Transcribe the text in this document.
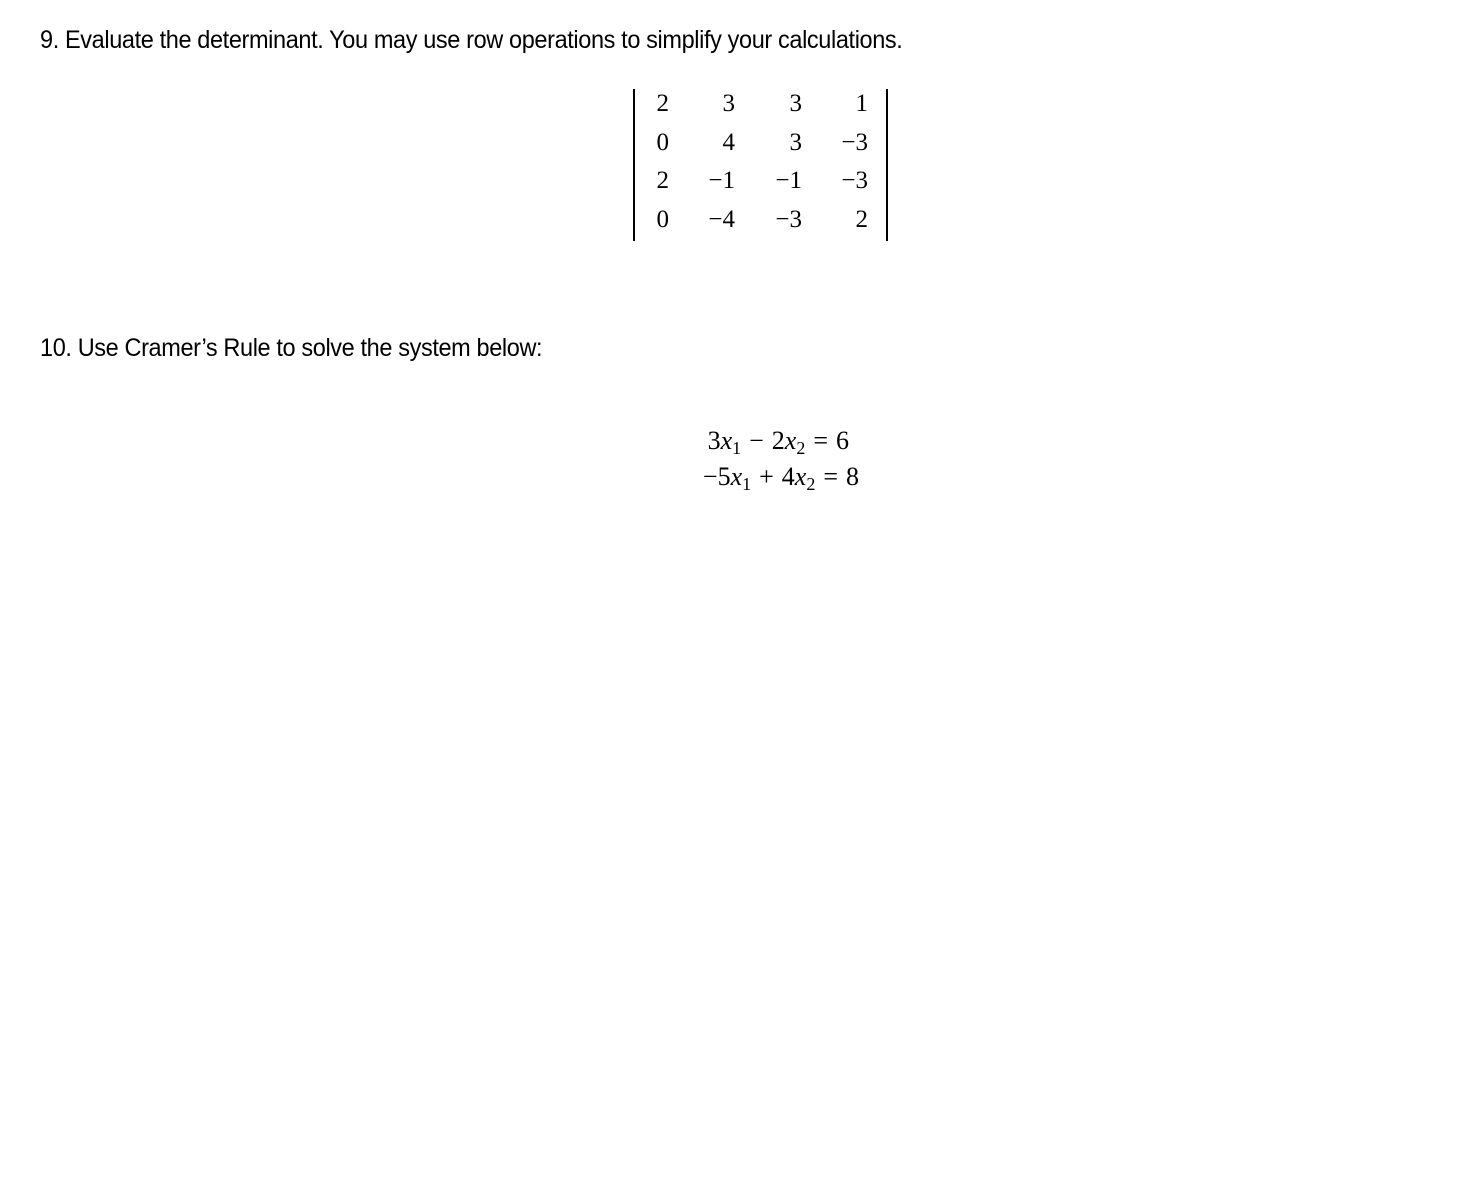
9. Evaluate the determinant. You may use row operations to simplify your calculations.

2 3 3 1
0 4 3 −3
2 −1 −1 −3
0 −4 −3 2

10. Use Cramer’s Rule to solve the system below:

$3x_1 - 2x_2 = 6$
$-5x_1 + 4x_2 = 8$
